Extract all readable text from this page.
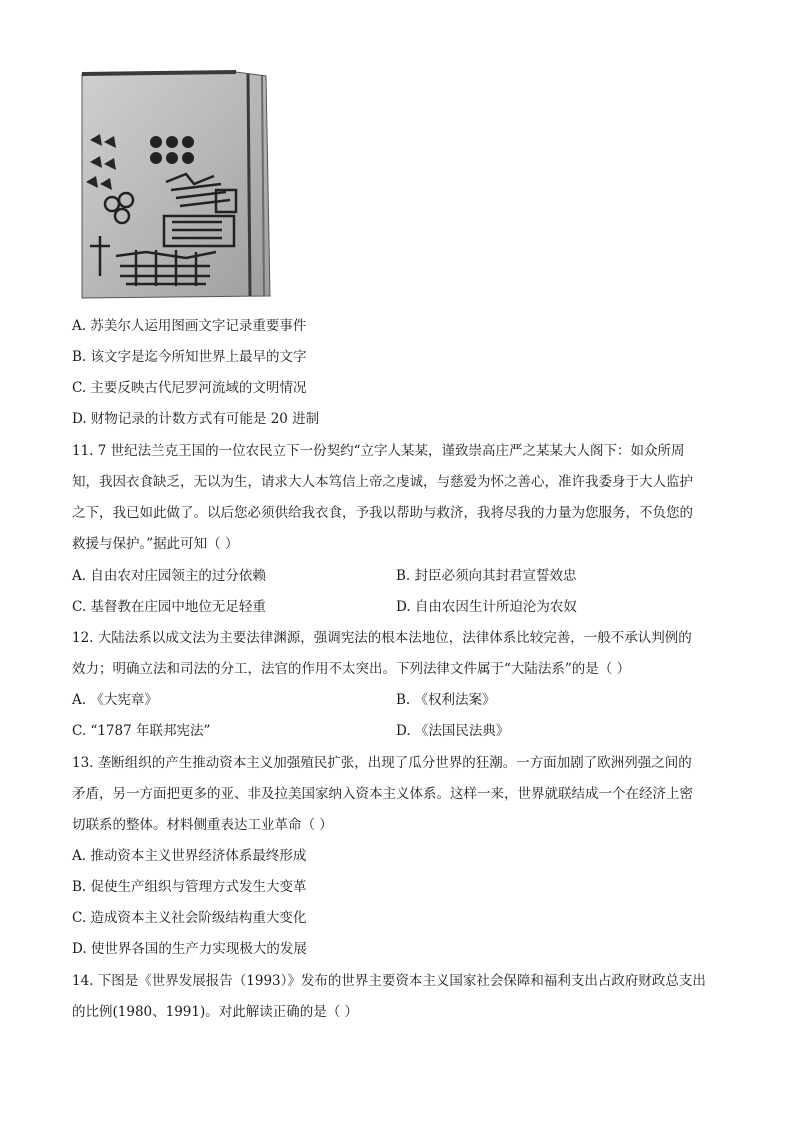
A. 苏美尔人运用图画文字记录重要事件
B. 该文字是迄今所知世界上最早的文字
C. 主要反映古代尼罗河流域的文明情况
D. 财物记录的计数方式有可能是 20 进制
11. 7 世纪法兰克王国的一位农民立下一份契约“立字人某某，谨致崇高庄严之某某大人阁下：如众所周
知，我因衣食缺乏，无以为生，请求大人本笃信上帝之虔诚，与慈爱为怀之善心，准许我委身于大人监护
之下，我已如此做了。以后您必须供给我衣食，予我以帮助与救济，我将尽我的力量为您服务，不负您的
救援与保护。”据此可知（ ）
A. 自由农对庄园领主的过分依赖	B. 封臣必须向其封君宣誓效忠
C. 基督教在庄园中地位无足轻重	D. 自由农因生计所迫沦为农奴
12. 大陆法系以成文法为主要法律渊源，强调宪法的根本法地位，法律体系比较完善，一般不承认判例的
效力；明确立法和司法的分工，法官的作用不太突出。下列法律文件属于“大陆法系”的是（ ）
A. 《大宪章》	B. 《权利法案》
C. “1787 年联邦宪法”	D. 《法国民法典》
13. 垄断组织的产生推动资本主义加强殖民扩张，出现了瓜分世界的狂潮。一方面加剧了欧洲列强之间的
矛盾，另一方面把更多的亚、非及拉美国家纳入资本主义体系。这样一来，世界就联结成一个在经济上密
切联系的整体。材料侧重表达工业革命（ ）
A. 推动资本主义世界经济体系最终形成
B. 促使生产组织与管理方式发生大变革
C. 造成资本主义社会阶级结构重大变化
D. 使世界各国的生产力实现极大的发展
14. 下图是《世界发展报告（1993）》发布的世界主要资本主义国家社会保障和福利支出占政府财政总支出
的比例(1980、1991)。对此解读正确的是（ ）
